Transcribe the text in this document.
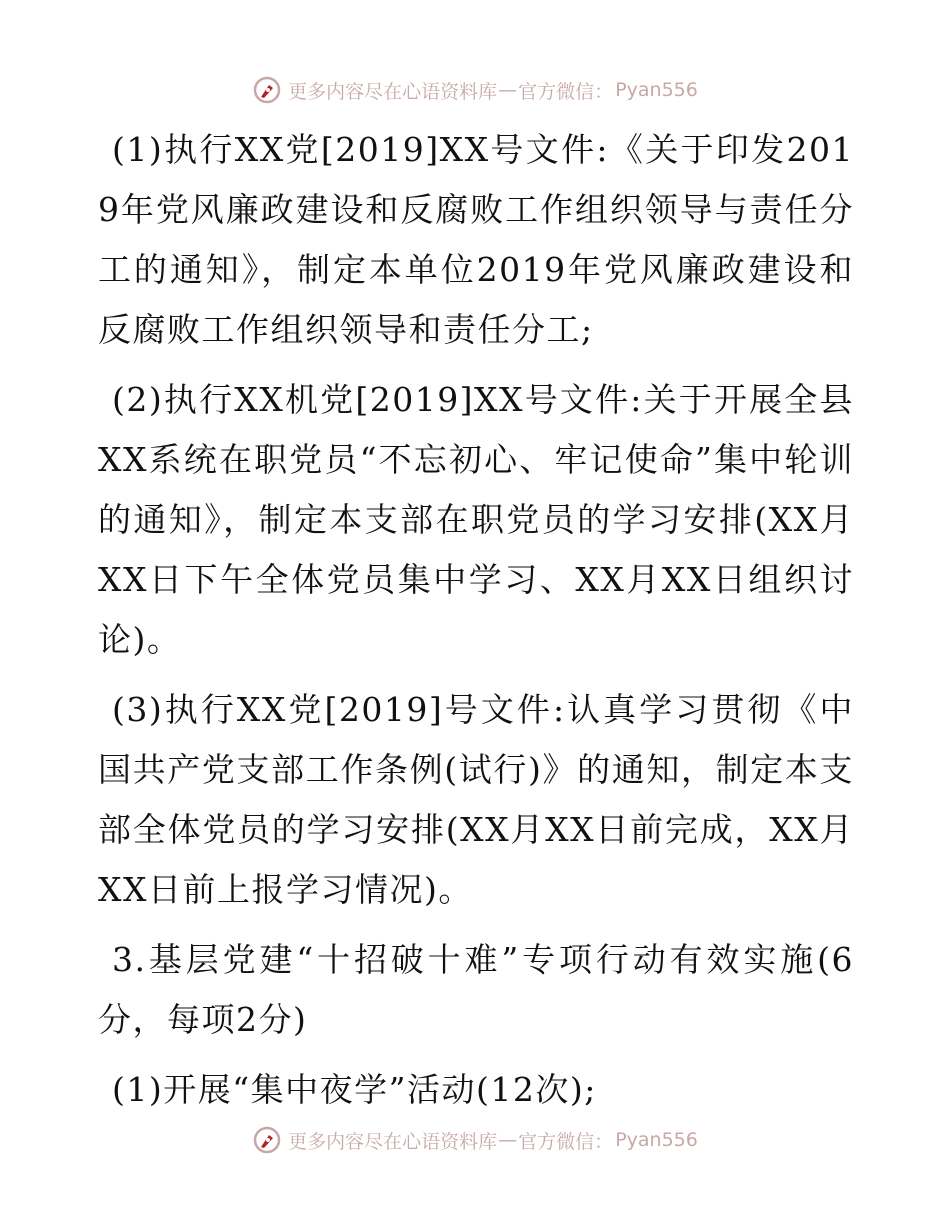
更多内容尽在心语资料库 — 官方微信： Pyan556

(1)执行XX党[2019]XX号文件:《关于印发2019年党风廉政建设和反腐败工作组织领导与责任分工的通知》，制定本单位2019年党风廉政建设和反腐败工作组织领导和责任分工;

(2)执行XX机党[2019]XX号文件:关于开展全县XX系统在职党员“不忘初心、牢记使命”集中轮训的通知》，制定本支部在职党员的学习安排(XX月XX日下午全体党员集中学习、XX月XX日组织讨论)。

(3)执行XX党[2019]号文件:认真学习贯彻《中国共产党支部工作条例(试行)》的通知，制定本支部全体党员的学习安排(XX月XX日前完成，XX月XX日前上报学习情况)。

3.基层党建“十招破十难”专项行动有效实施(6分，每项2分)

(1)开展“集中夜学”活动(12次);

更多内容尽在心语资料库 — 官方微信： Pyan556
